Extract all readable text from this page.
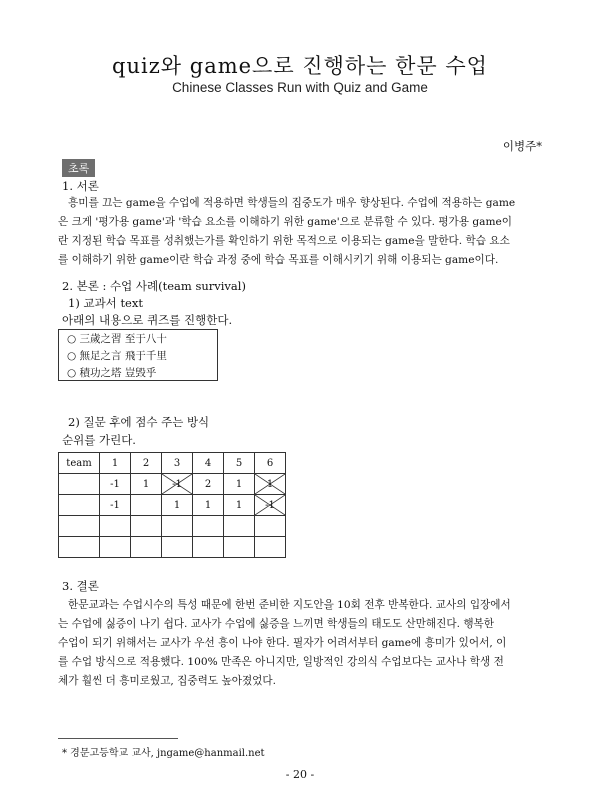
quiz와 game으로 진행하는 한문 수업
Chinese Classes Run with Quiz and Game
이병주*
초록
1. 서론
흥미를 끄는 game을 수업에 적용하면 학생들의 집중도가 매우 향상된다. 수업에 적용하는 game
은 크게 '평가용 game'과 '학습 요소를 이해하기 위한 game'으로 분류할 수 있다. 평가용 game이
란 지정된 학습 목표를 성취했는가를 확인하기 위한 목적으로 이용되는 game을 말한다. 학습 요소
를 이해하기 위한 game이란 학습 과정 중에 학습 목표를 이해시키기 위해 이용되는 game이다.
2. 본론 : 수업 사례(team survival)
1) 교과서 text
아래의 내용으로 퀴즈를 진행한다.
○ 三歲之習 至于八十
○ 無足之言 飛于千里
○ 積功之塔 豈毁乎
2) 질문 후에 점수 주는 방식
순위를 가린다.
team	1	2	3	4	5	6
	-1	1	-1	2	1	1
	-1		1	1	1	-1

3. 결론
한문교과는 수업시수의 특성 때문에 한번 준비한 지도안을 10회 전후 반복한다. 교사의 입장에서
는 수업에 싫증이 나기 쉽다. 교사가 수업에 싫증을 느끼면 학생들의 태도도 산만해진다. 행복한
수업이 되기 위해서는 교사가 우선 흥이 나야 한다. 필자가 어려서부터 game에 흥미가 있어서, 이
를 수업 방식으로 적용했다. 100% 만족은 아니지만, 일방적인 강의식 수업보다는 교사나 학생 전
체가 훨씬 더 흥미로웠고, 집중력도 높아졌었다.
* 경문고등학교 교사, jngame@hanmail.net
- 20 -
